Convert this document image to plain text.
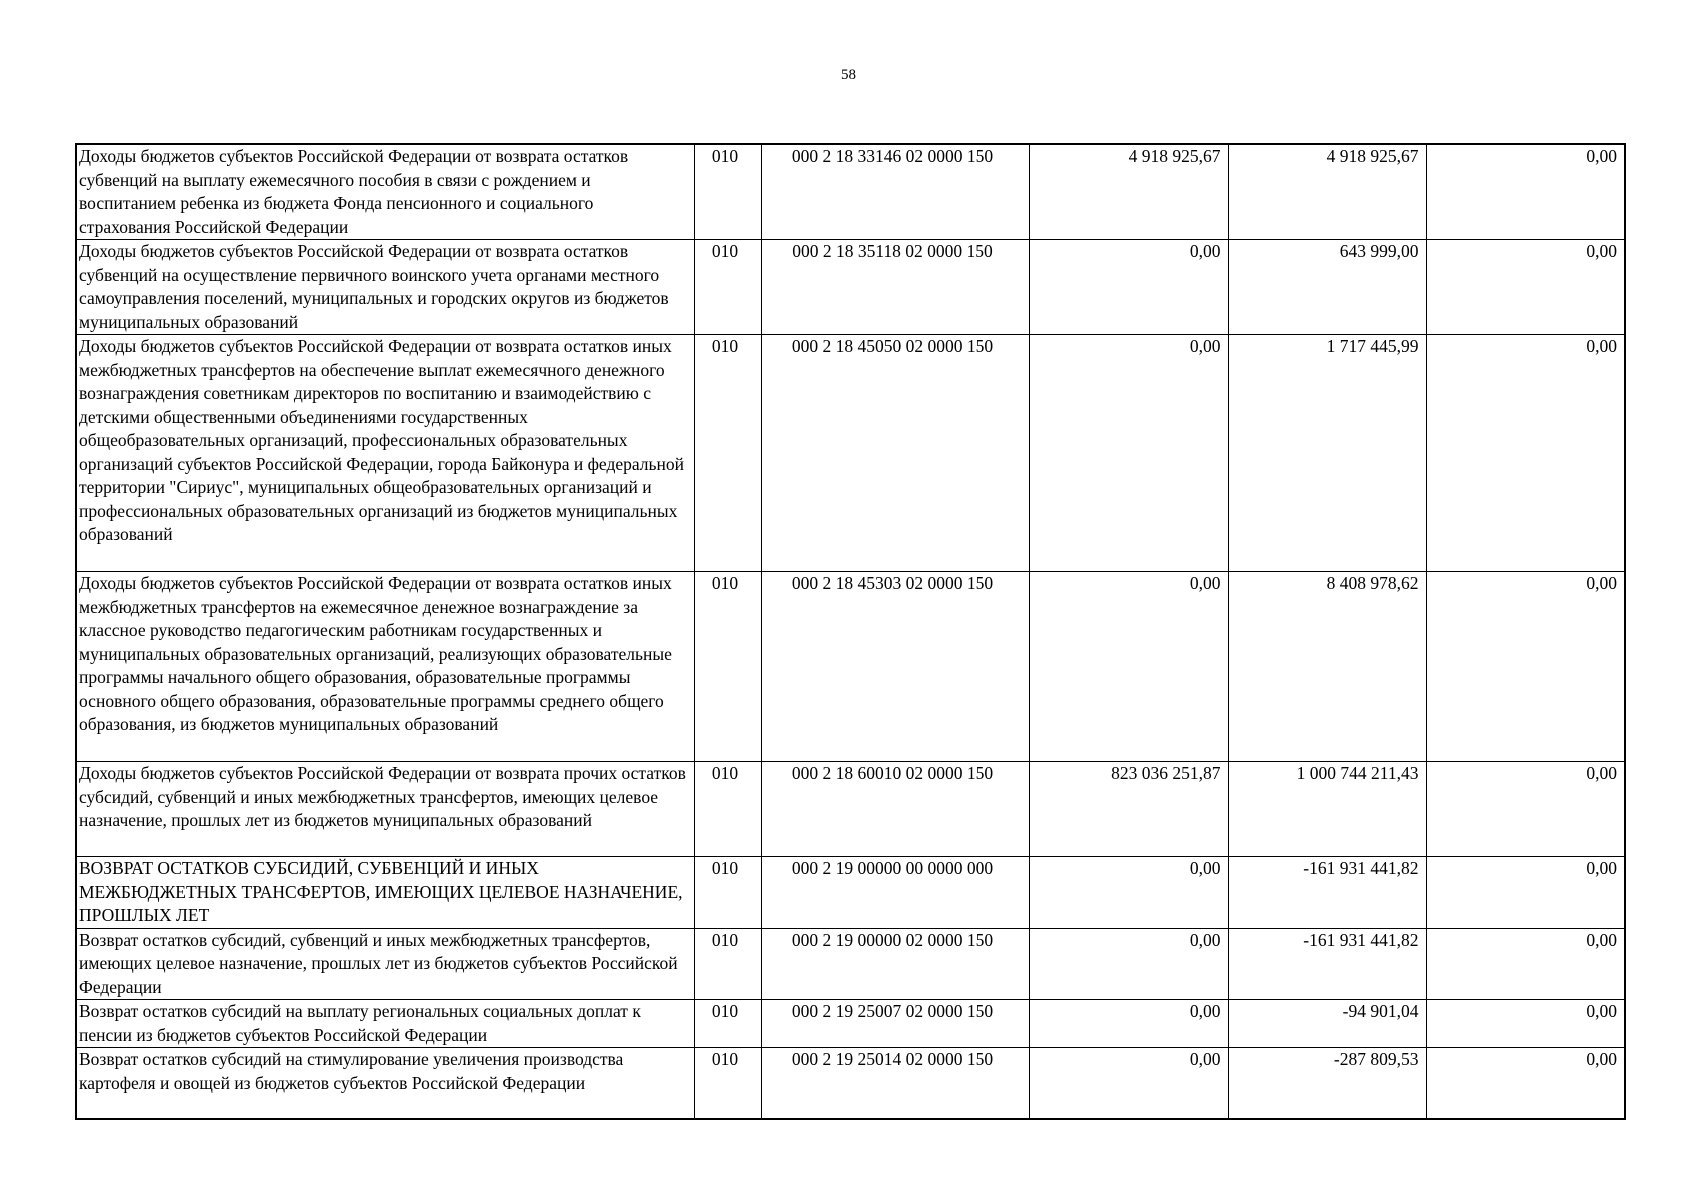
58
Доходы бюджетов субъектов Российской Федерации от возврата остатков субвенций на выплату ежемесячного пособия в связи с рождением и воспитанием ребенка из бюджета Фонда пенсионного и социального страхования Российской Федерации	010	000 2 18 33146 02 0000 150	4 918 925,67	4 918 925,67	0,00
Доходы бюджетов субъектов Российской Федерации от возврата остатков субвенций на осуществление первичного воинского учета органами местного самоуправления поселений, муниципальных и городских округов из бюджетов муниципальных образований	010	000 2 18 35118 02 0000 150	0,00	643 999,00	0,00
Доходы бюджетов субъектов Российской Федерации от возврата остатков иных межбюджетных трансфертов на обеспечение выплат ежемесячного денежного вознаграждения советникам директоров по воспитанию и взаимодействию с детскими общественными объединениями государственных общеобразовательных организаций, профессиональных образовательных организаций субъектов Российской Федерации, города Байконура и федеральной территории "Сириус", муниципальных общеобразовательных организаций и профессиональных образовательных организаций из бюджетов муниципальных образований	010	000 2 18 45050 02 0000 150	0,00	1 717 445,99	0,00
Доходы бюджетов субъектов Российской Федерации от возврата остатков иных межбюджетных трансфертов на ежемесячное денежное вознаграждение за классное руководство педагогическим работникам государственных и муниципальных образовательных организаций, реализующих образовательные программы начального общего образования, образовательные программы основного общего образования, образовательные программы среднего общего образования, из бюджетов муниципальных образований	010	000 2 18 45303 02 0000 150	0,00	8 408 978,62	0,00
Доходы бюджетов субъектов Российской Федерации от возврата прочих остатков субсидий, субвенций и иных межбюджетных трансфертов, имеющих целевое назначение, прошлых лет из бюджетов муниципальных образований	010	000 2 18 60010 02 0000 150	823 036 251,87	1 000 744 211,43	0,00
ВОЗВРАТ ОСТАТКОВ СУБСИДИЙ, СУБВЕНЦИЙ И ИНЫХ МЕЖБЮДЖЕТНЫХ ТРАНСФЕРТОВ, ИМЕЮЩИХ ЦЕЛЕВОЕ НАЗНАЧЕНИЕ, ПРОШЛЫХ ЛЕТ	010	000 2 19 00000 00 0000 000	0,00	-161 931 441,82	0,00
Возврат остатков субсидий, субвенций и иных межбюджетных трансфертов, имеющих целевое назначение, прошлых лет из бюджетов субъектов Российской Федерации	010	000 2 19 00000 02 0000 150	0,00	-161 931 441,82	0,00
Возврат остатков субсидий на выплату региональных социальных доплат к пенсии из бюджетов субъектов Российской Федерации	010	000 2 19 25007 02 0000 150	0,00	-94 901,04	0,00
Возврат остатков субсидий на стимулирование увеличения производства картофеля и овощей из бюджетов субъектов Российской Федерации	010	000 2 19 25014 02 0000 150	0,00	-287 809,53	0,00
